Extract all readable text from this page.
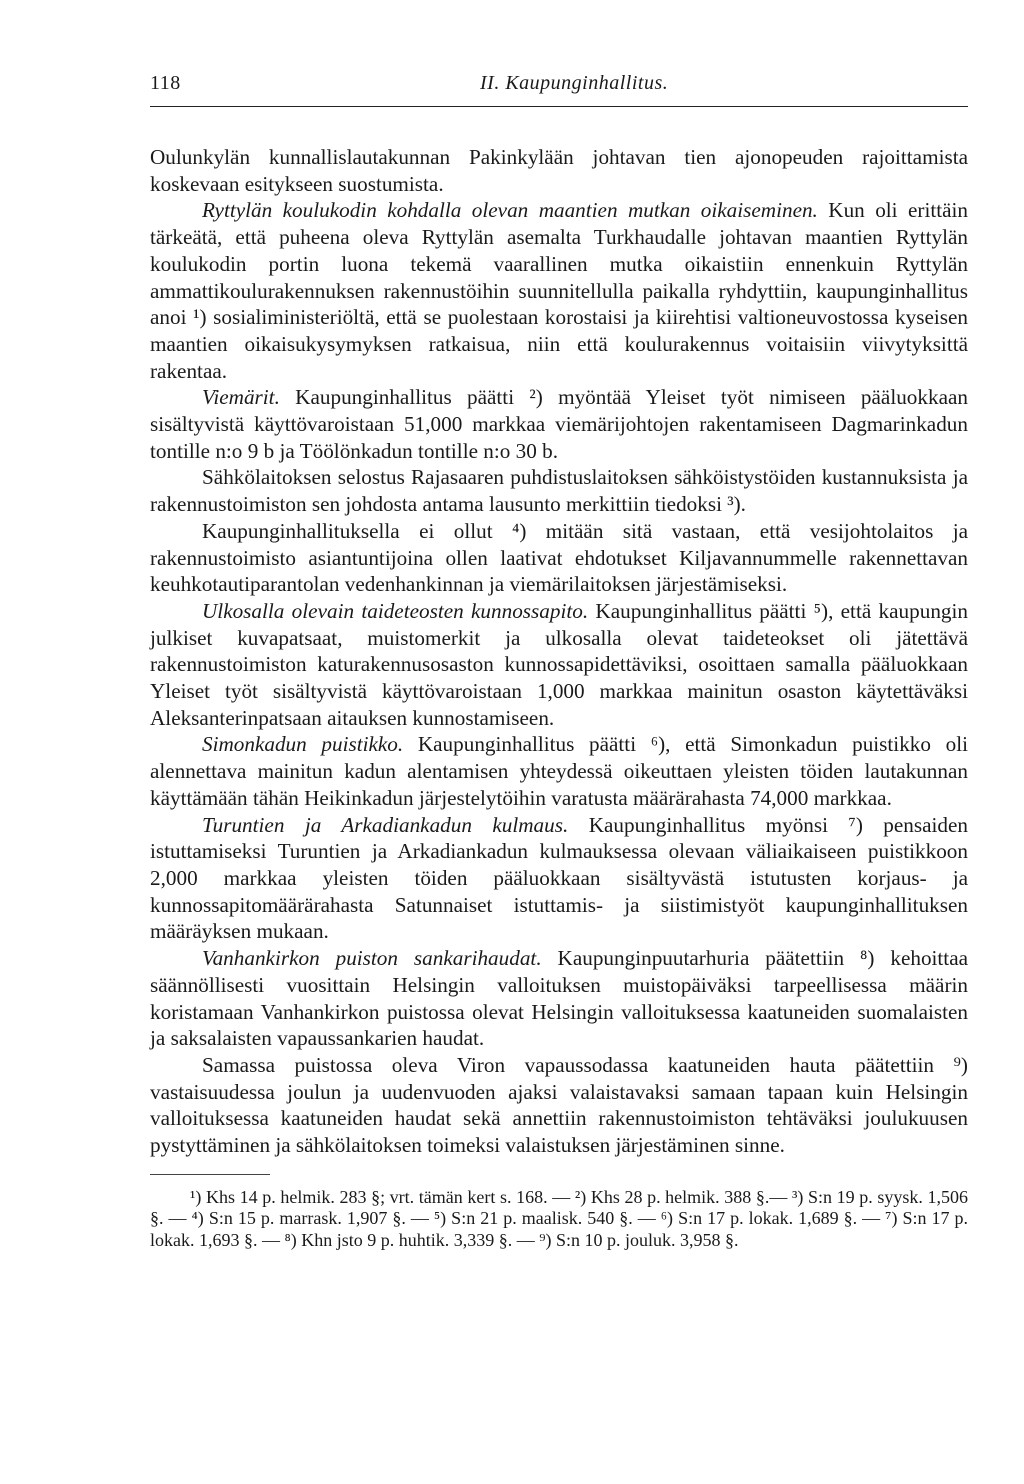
118	II. Kaupunginhallitus.

Oulunkylän kunnallislautakunnan Pakinkylään johtavan tien ajonopeuden rajoittamista koskevaan esitykseen suostumista.

Ryttylän koulukodin kohdalla olevan maantien mutkan oikaiseminen. Kun oli erittäin tärkeätä, että puheena oleva Ryttylän asemalta Turkhaudalle johtavan maantien Ryttylän koulukodin portin luona tekemä vaarallinen mutka oikaistiin ennenkuin Ryttylän ammattikoulurakennuksen rakennustöihin suunnitellulla paikalla ryhdyttiin, kaupunginhallitus anoi ¹) sosialiministeriöltä, että se puolestaan korostaisi ja kiirehtisi valtioneuvostossa kyseisen maantien oikaisukysymyksen ratkaisua, niin että koulurakennus voitaisiin viivytyksittä rakentaa.

Viemärit. Kaupunginhallitus päätti ²) myöntää Yleiset työt nimiseen pääluokkaan sisältyvistä käyttövaroistaan 51,000 markkaa viemärijohtojen rakentamiseen Dagmarinkadun tontille n:o 9 b ja Töölönkadun tontille n:o 30 b.

Sähkölaitoksen selostus Rajasaaren puhdistuslaitoksen sähköistystöiden kustannuksista ja rakennustoimiston sen johdosta antama lausunto merkittiin tiedoksi ³).

Kaupunginhallituksella ei ollut ⁴) mitään sitä vastaan, että vesijohtolaitos ja rakennustoimisto asiantuntijoina ollen laativat ehdotukset Kiljavannummelle rakennettavan keuhkotautiparantolan vedenhankinnan ja viemärilaitoksen järjestämiseksi.

Ulkosalla olevain taideteosten kunnossapito. Kaupunginhallitus päätti ⁵), että kaupungin julkiset kuvapatsaat, muistomerkit ja ulkosalla olevat taideteokset oli jätettävä rakennustoimiston katurakennusosaston kunnossapidettäviksi, osoittaen samalla pääluokkaan Yleiset työt sisältyvistä käyttövaroistaan 1,000 markkaa mainitun osaston käytettäväksi Aleksanterinpatsaan aitauksen kunnostamiseen.

Simonkadun puistikko. Kaupunginhallitus päätti ⁶), että Simonkadun puistikko oli alennettava mainitun kadun alentamisen yhteydessä oikeuttaen yleisten töiden lautakunnan käyttämään tähän Heikinkadun järjestelytöihin varatusta määrärahasta 74,000 markkaa.

Turuntien ja Arkadiankadun kulmaus. Kaupunginhallitus myönsi ⁷) pensaiden istuttamiseksi Turuntien ja Arkadiankadun kulmauksessa olevaan väliaikaiseen puistikkoon 2,000 markkaa yleisten töiden pääluokkaan sisältyvästä istutusten korjaus- ja kunnossapitomäärärahasta Satunnaiset istuttamis- ja siistimistyöt kaupunginhallituksen määräyksen mukaan.

Vanhankirkon puiston sankarihaudat. Kaupunginpuutarhuria päätettiin ⁸) kehoittaa säännöllisesti vuosittain Helsingin valloituksen muistopäiväksi tarpeellisessa määrin koristamaan Vanhankirkon puistossa olevat Helsingin valloituksessa kaatuneiden suomalaisten ja saksalaisten vapaussankarien haudat.

Samassa puistossa oleva Viron vapaussodassa kaatuneiden hauta päätettiin ⁹) vastaisuudessa joulun ja uudenvuoden ajaksi valaistavaksi samaan tapaan kuin Helsingin valloituksessa kaatuneiden haudat sekä annettiin rakennustoimiston tehtäväksi joulukuusen pystyttäminen ja sähkölaitoksen toimeksi valaistuksen järjestäminen sinne.

¹) Khs 14 p. helmik. 283 §; vrt. tämän kert s. 168. — ²) Khs 28 p. helmik. 388 §.— ³) S:n 19 p. syysk. 1,506 §. — ⁴) S:n 15 p. marrask. 1,907 §. — ⁵) S:n 21 p. maalisk. 540 §. — ⁶) S:n 17 p. lokak. 1,689 §. — ⁷) S:n 17 p. lokak. 1,693 §. — ⁸) Khn jsto 9 p. huhtik. 3,339 §. — ⁹) S:n 10 p. jouluk. 3,958 §.
